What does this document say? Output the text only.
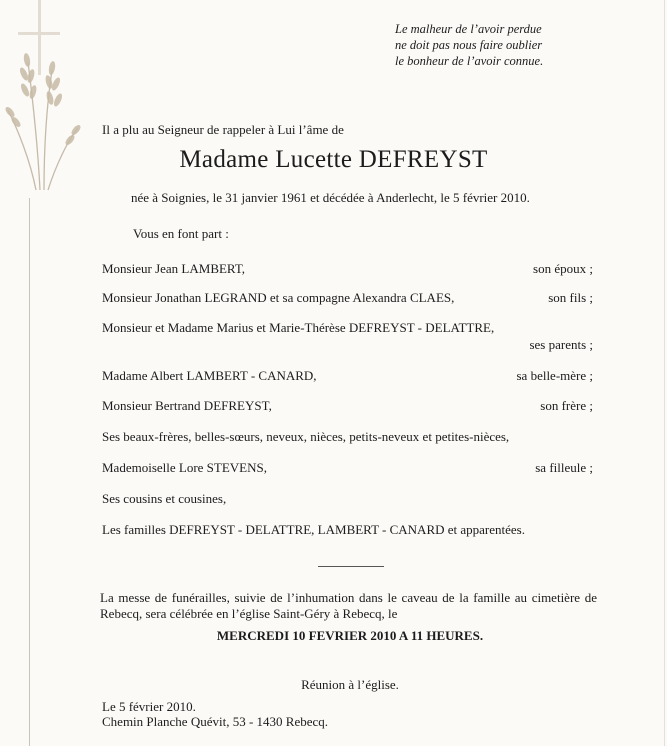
Le malheur de l’avoir perdue
ne doit pas nous faire oublier
le bonheur de l’avoir connue.
Il a plu au Seigneur de rappeler à Lui l’âme de
Madame Lucette DEFREYST
née à Soignies, le 31 janvier 1961 et décédée à Anderlecht, le 5 février 2010.
Vous en font part :
Monsieur Jean LAMBERT,	son époux ;
Monsieur Jonathan LEGRAND et sa compagne Alexandra CLAES,	son fils ;
Monsieur et Madame Marius et Marie-Thérèse DEFREYST - DELATTRE,
ses parents ;
Madame Albert LAMBERT - CANARD,	sa belle-mère ;
Monsieur Bertrand DEFREYST,	son frère ;
Ses beaux-frères, belles-sœurs, neveux, nièces, petits-neveux et petites-nièces,
Mademoiselle Lore STEVENS,	sa filleule ;
Ses cousins et cousines,
Les familles DEFREYST - DELATTRE, LAMBERT - CANARD et apparentées.
La messe de funérailles, suivie de l’inhumation dans le caveau de la famille au cimetière de Rebecq, sera célébrée en l’église Saint-Géry à Rebecq, le
MERCREDI 10 FEVRIER 2010 A 11 HEURES.
Réunion à l’église.
Le 5 février 2010.
Chemin Planche Quévit, 53 - 1430 Rebecq.
